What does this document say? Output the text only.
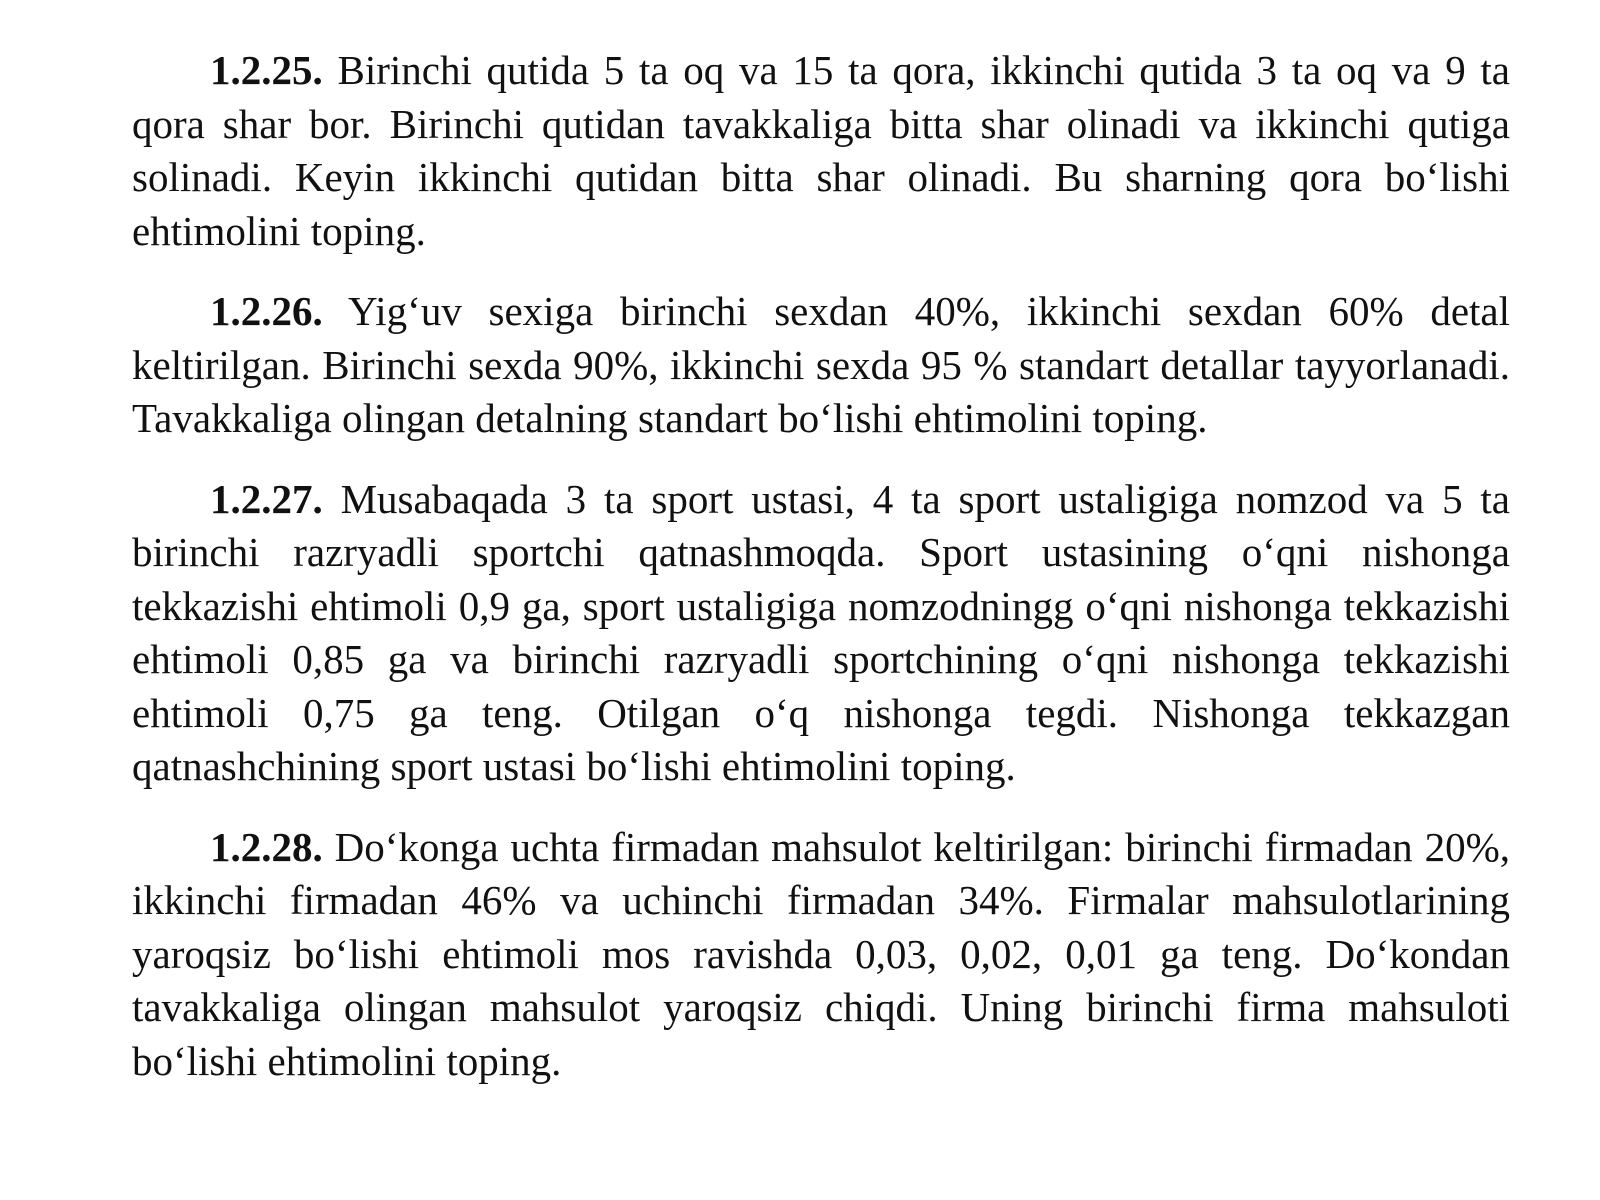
1.2.25. Birinchi qutida 5 ta oq va 15 ta qora, ikkinchi qutida 3 ta oq va 9 ta qora shar bor. Birinchi qutidan tavakkaliga bitta shar olinadi va ikkinchi qutiga solinadi. Keyin ikkinchi qutidan bitta shar olinadi. Bu sharning qora boʻlishi ehtimolini toping.

1.2.26. Yigʻuv sexiga birinchi sexdan 40%, ikkinchi sexdan 60% detal keltirilgan. Birinchi sexda 90%, ikkinchi sexda 95 % standart detallar tayyorlanadi. Tavakkaliga olingan detalning standart boʻlishi ehtimolini toping.

1.2.27. Musabaqada 3 ta sport ustasi, 4 ta sport ustaligiga nomzod va 5 ta birinchi razryadli sportchi qatnashmoqda. Sport ustasining oʻqni nishonga tekkazishi ehtimoli 0,9 ga, sport ustaligiga nomzodningg oʻqni nishonga tekkazishi ehtimoli 0,85 ga va birinchi razryadli sportchining oʻqni nishonga tekkazishi ehtimoli 0,75 ga teng. Otilgan oʻq nishonga tegdi. Nishonga tekkazgan qatnashchining sport ustasi boʻlishi ehtimolini toping.

1.2.28. Doʻkonga uchta firmadan mahsulot keltirilgan: birinchi firmadan 20%, ikkinchi firmadan 46% va uchinchi firmadan 34%. Firmalar mahsulotlarining yaroqsiz boʻlishi ehtimoli mos ravishda 0,03, 0,02, 0,01 ga teng. Doʻkondan tavakkaliga olingan mahsulot yaroqsiz chiqdi. Uning birinchi firma mahsuloti boʻlishi ehtimolini toping.
